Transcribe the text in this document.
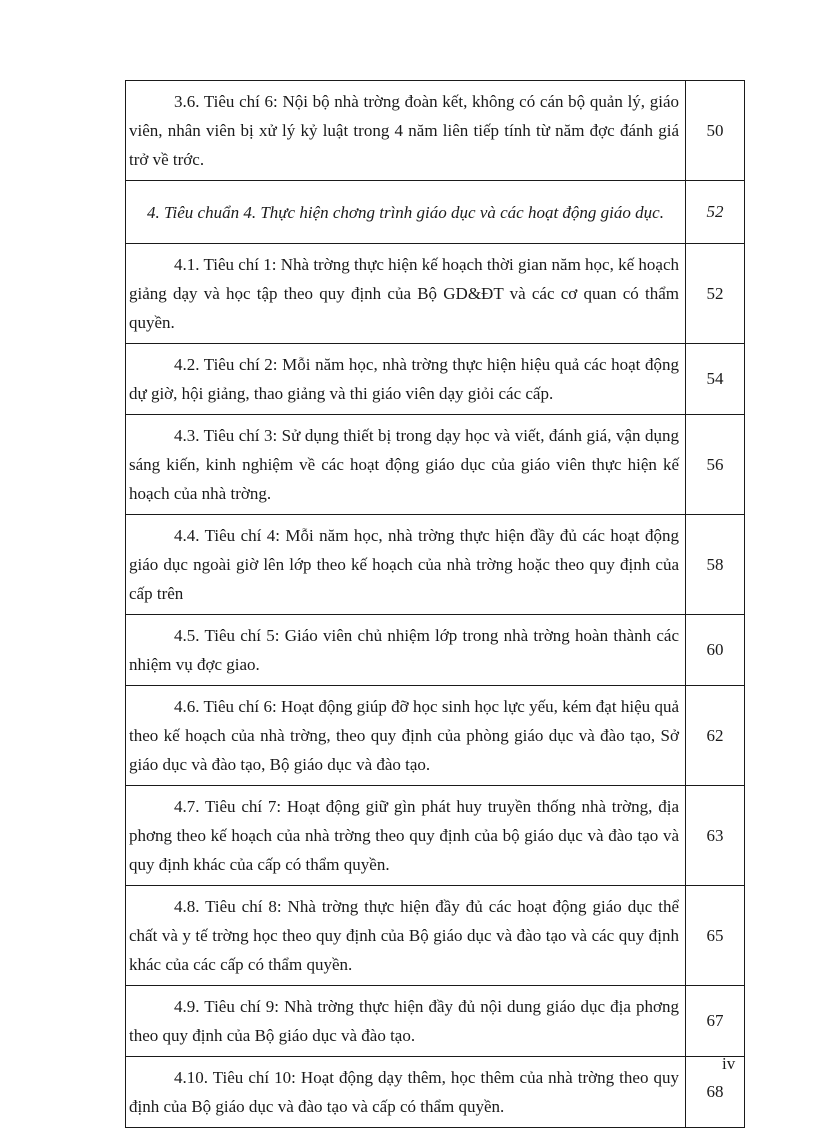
3.6. Tiêu chí 6: Nội bộ nhà trờng đoàn kết, không có cán bộ quản lý, giáo viên, nhân viên bị xử lý kỷ luật trong 4 năm liên tiếp tính từ năm đợc đánh giá trở về trớc.	50

4. Tiêu chuẩn 4. Thực hiện chơng trình giáo dục và các hoạt động giáo dục.	52

4.1. Tiêu chí 1: Nhà trờng thực hiện kế hoạch thời gian năm học, kế hoạch giảng dạy và học tập theo quy định của Bộ GD&ĐT và các cơ quan có thẩm quyền.	52

4.2. Tiêu chí 2: Mỗi năm học, nhà trờng thực hiện hiệu quả các hoạt động dự giờ, hội giảng, thao giảng và thi giáo viên dạy giỏi các cấp.	54

4.3. Tiêu chí 3: Sử dụng thiết bị trong dạy học và viết, đánh giá, vận dụng sáng kiến, kinh nghiệm về các hoạt động giáo dục của giáo viên thực hiện kế hoạch của nhà trờng.	56

4.4. Tiêu chí 4: Mỗi năm học, nhà trờng thực hiện đầy đủ các hoạt động giáo dục ngoài giờ lên lớp theo kế hoạch của nhà trờng hoặc theo quy định của cấp trên	58

4.5. Tiêu chí 5: Giáo viên chủ nhiệm lớp trong nhà trờng hoàn thành các nhiệm vụ đợc giao.	60

4.6. Tiêu chí 6: Hoạt động giúp đỡ học sinh học lực yếu, kém đạt hiệu quả theo kế hoạch của nhà trờng, theo quy định của phòng giáo dục và đào tạo, Sở giáo dục và đào tạo, Bộ giáo dục và đào tạo.	62

4.7. Tiêu chí 7: Hoạt động giữ gìn phát huy truyền thống nhà trờng, địa phơng theo kế hoạch của nhà trờng theo quy định của bộ giáo dục và đào tạo và quy định khác của cấp có thẩm quyền.	63

4.8. Tiêu chí 8: Nhà trờng thực hiện đầy đủ các hoạt động giáo dục thể chất và y tế trờng học theo quy định của Bộ giáo dục và đào tạo và các quy định khác của các cấp có thẩm quyền.	65

4.9. Tiêu chí 9: Nhà trờng thực hiện đầy đủ nội dung giáo dục địa phơng theo quy định của Bộ giáo dục và đào tạo.	67

4.10. Tiêu chí 10: Hoạt động dạy thêm, học thêm của nhà trờng theo quy định của Bộ giáo dục và đào tạo và cấp có thẩm quyền.	68
iv
